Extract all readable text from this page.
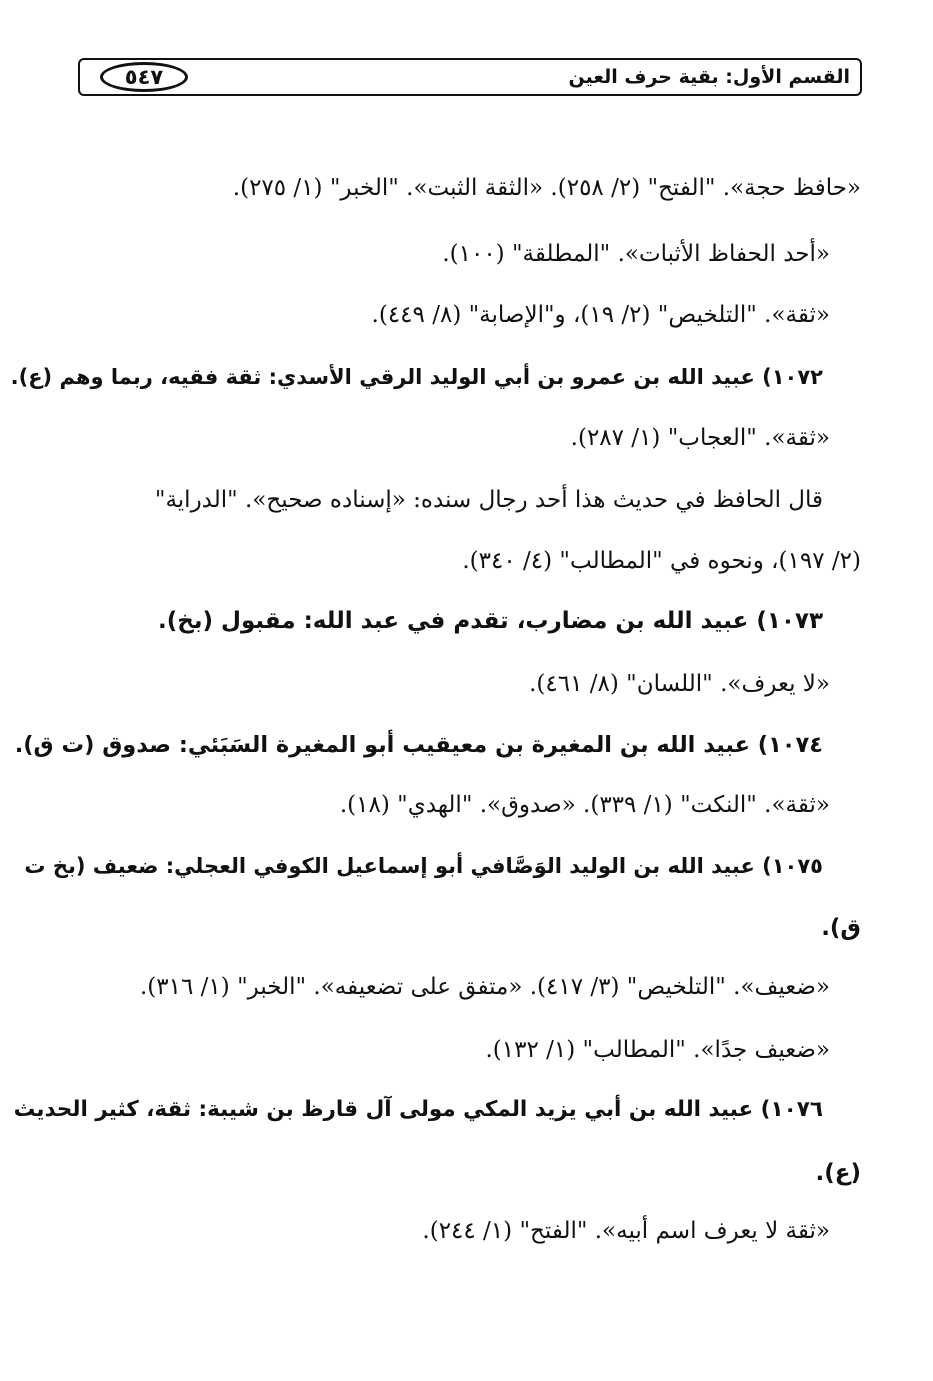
القسم الأول: بقية حرف العين
٥٤٧
«حافظ حجة». "الفتح" (٢/ ٢٥٨). «الثقة الثبت». "الخبر" (١/ ٢٧٥).
«أحد الحفاظ الأثبات». "المطلقة" (١٠٠).
«ثقة». "التلخيص" (٢/ ١٩)، و"الإصابة" (٨/ ٤٤٩).
١٠٧٢) عبيد الله بن عمرو بن أبي الوليد الرقي الأسدي: ثقة فقيه، ربما وهم (ع).
«ثقة». "العجاب" (١/ ٢٨٧).
قال الحافظ في حديث هذا أحد رجال سنده: «إسناده صحيح». "الدراية"
(٢/ ١٩٧)، ونحوه في "المطالب" (٤/ ٣٤٠).
١٠٧٣) عبيد الله بن مضارب، تقدم في عبد الله: مقبول (بخ).
«لا يعرف». "اللسان" (٨/ ٤٦١).
١٠٧٤) عبيد الله بن المغيرة بن معيقيب أبو المغيرة السَبَئي: صدوق (ت ق).
«ثقة». "النكت" (١/ ٣٣٩). «صدوق». "الهدي" (١٨).
١٠٧٥) عبيد الله بن الوليد الوَصَّافي أبو إسماعيل الكوفي العجلي: ضعيف (بخ ت
ق).
«ضعيف». "التلخيص" (٣/ ٤١٧). «متفق على تضعيفه». "الخبر" (١/ ٣١٦).
«ضعيف جدًا». "المطالب" (١/ ١٣٢).
١٠٧٦) عبيد الله بن أبي يزيد المكي مولى آل قارظ بن شيبة: ثقة، كثير الحديث
(ع).
«ثقة لا يعرف اسم أبيه». "الفتح" (١/ ٢٤٤).
